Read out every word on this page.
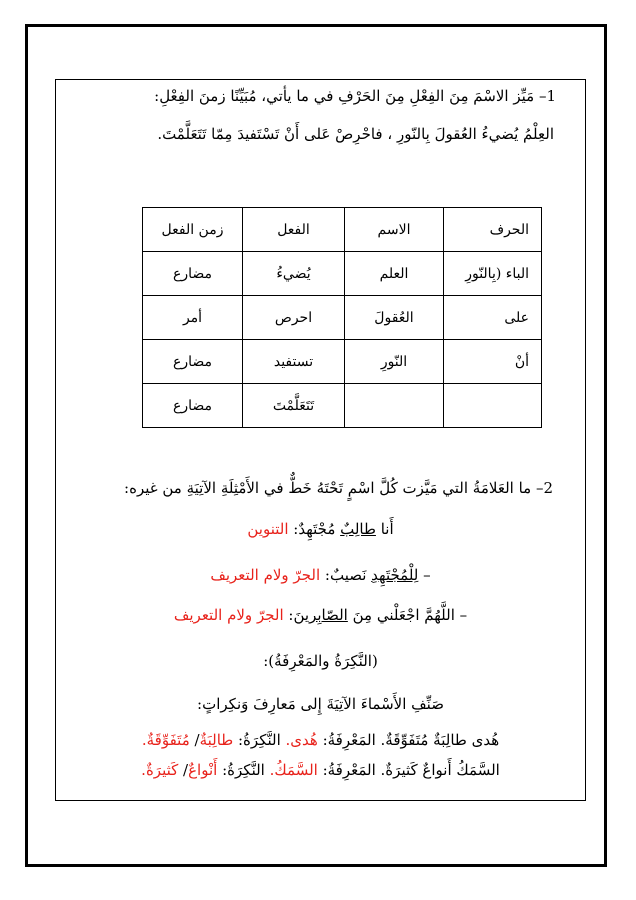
1– مَيِّز الاسْمَ مِنَ الفِعْلِ مِنَ الحَرْفِ في ما يأتي، مُبَيِّنًا زمنَ الفِعْلِ:
العِلْمُ يُضيءُ العُقولَ بِالنّورِ ، فاحْرِصْ عَلى أَنْ تَسْتَفيدَ مِمّا تَتَعَلَّمْتَ.
الحرف	الاسم	الفعل	زمن الفعل
الباء (بِالنّورِ	العلم	يُضيءُ	مضارع
على	العُقولَ	احرص	أمر
أنْ	النّورِ	تستفيد	مضارع
		تَتَعَلَّمْتَ	مضارع
2– ما العَلامَةُ التي مَيَّزت كُلَّ اسْمٍ تَحْتَهُ خَطٌّ في الأَمْثِلَةِ الآتِيَةِ من غيره:
أَنا طالِبٌ مُجْتَهِدٌ: التنوين
– لِلْمُجْتَهِدِ نَصيبٌ: الجرّ ولام التعريف
– اللَّهُمَّ اجْعَلْني مِنَ الصّابِرينَ: الجرّ ولام التعريف
(النَّكِرَةُ والمَعْرِفَةُ):
صَنِّفِ الأَسْماءَ الآتِيَةَ إِلى مَعارِفَ وَنكِراتٍ:
هُدى طالِبَةٌ مُتَفَوِّقَةٌ. المَعْرِفَةُ: هُدى. النَّكِرَةُ: طالِبَةٌ/ مُتَفَوِّقَةٌ.
السَّمَكُ أَنواعٌ كَثيرَةٌ. المَعْرِفَةُ: السَّمَكُ. النَّكِرَةُ: أَنْواعٌ/ كَثيرَةٌ.
